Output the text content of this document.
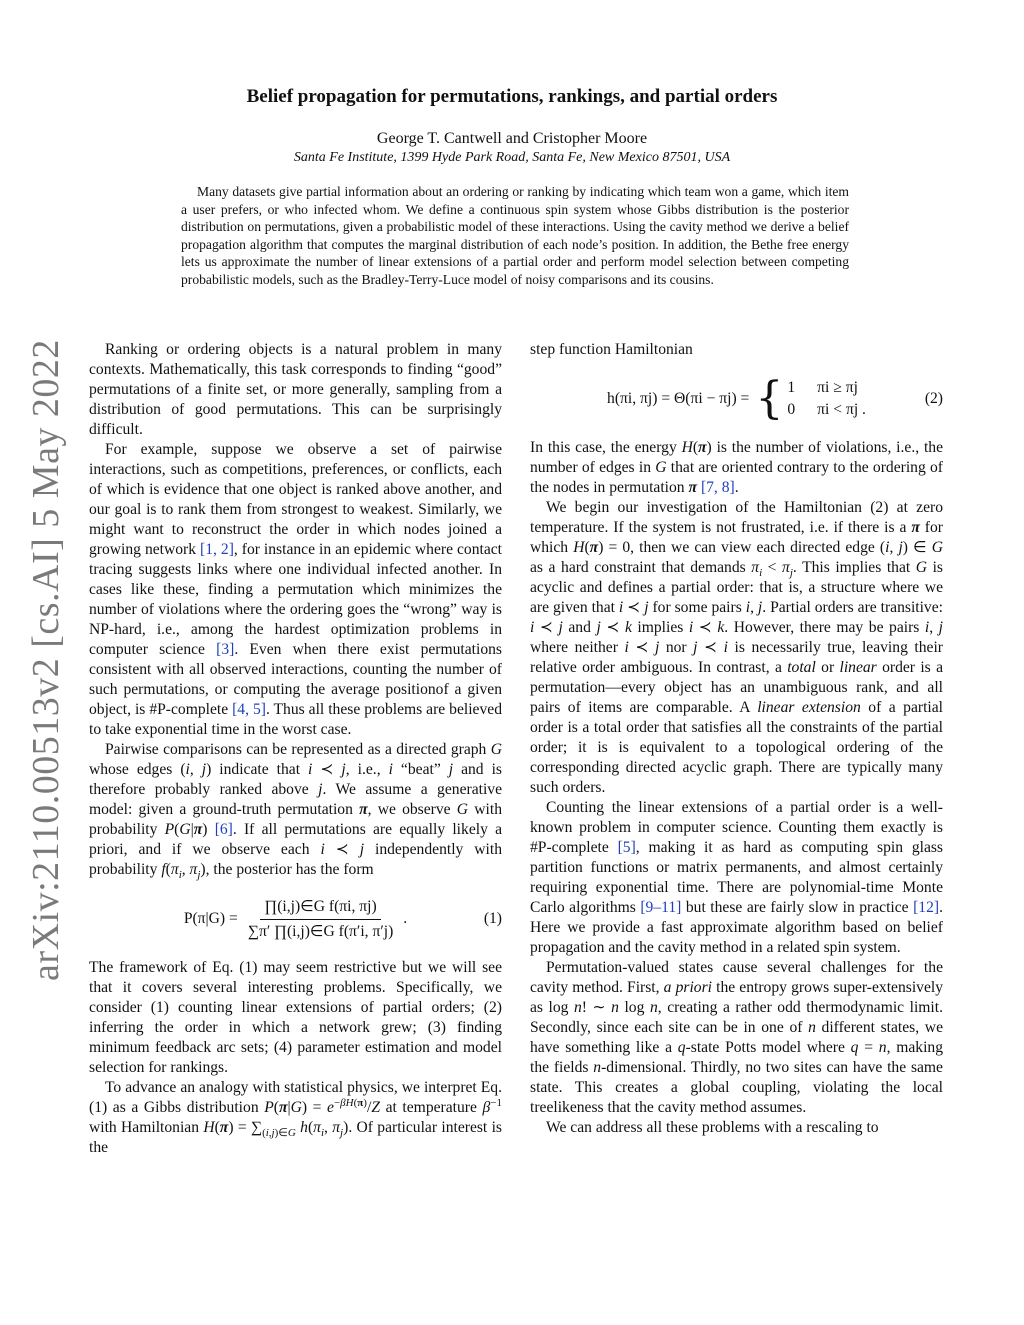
arXiv:2110.00513v2 [cs.AI] 5 May 2022
Belief propagation for permutations, rankings, and partial orders
George T. Cantwell and Cristopher Moore
Santa Fe Institute, 1399 Hyde Park Road, Santa Fe, New Mexico 87501, USA
Many datasets give partial information about an ordering or ranking by indicating which team won a game, which item a user prefers, or who infected whom. We define a continuous spin system whose Gibbs distribution is the posterior distribution on permutations, given a probabilistic model of these interactions. Using the cavity method we derive a belief propagation algorithm that computes the marginal distribution of each node’s position. In addition, the Bethe free energy lets us approximate the number of linear extensions of a partial order and perform model selection between competing probabilistic models, such as the Bradley-Terry-Luce model of noisy comparisons and its cousins.

Ranking or ordering objects is a natural problem in many contexts. Mathematically, this task corresponds to finding “good” permutations of a finite set, or more generally, sampling from a distribution of good permutations. This can be surprisingly difficult.

For example, suppose we observe a set of pairwise interactions, such as competitions, preferences, or conflicts, each of which is evidence that one object is ranked above another, and our goal is to rank them from strongest to weakest. Similarly, we might want to reconstruct the order in which nodes joined a growing network [1, 2], for instance in an epidemic where contact tracing suggests links where one individual infected another. In cases like these, finding a permutation which minimizes the number of violations where the ordering goes the “wrong” way is NP-hard, i.e., among the hardest optimization problems in computer science [3]. Even when there exist permutations consistent with all observed interactions, counting the number of such permutations, or computing the average positionof a given object, is #P-complete [4, 5]. Thus all these problems are believed to take exponential time in the worst case.

Pairwise comparisons can be represented as a directed graph G whose edges (i, j) indicate that i ≺ j, i.e., i “beat” j and is therefore probably ranked above j. We assume a generative model: given a ground-truth permutation π, we observe G with probability P(G|π) [6]. If all permutations are equally likely a priori, and if we observe each i ≺ j independently with probability $f(\pi_i$, $\pi_j$), the posterior has the form

$P(\pi|G) = \frac{\text{∏(i,j)∈G f(πi, πj)}}{\text{∑π′ ∏(i,j)∈G f(π′i, π′j)}}$ .	(1)

The framework of Eq. (1) may seem restrictive but we will see that it covers several interesting problems. Specifically, we consider (1) counting linear extensions of partial orders; (2) inferring the order in which a network grew; (3) finding minimum feedback arc sets; (4) parameter estimation and model selection for rankings.

To advance an analogy with statistical physics, we interpret Eq. (1) as a Gibbs distribution $P(\pi|G) = e^{-\beta H(\pi)}/Z$ at temperature $\beta^{-1}$ with Hamiltonian $H(\pi) = \sum_{(i,j)\in G}$ $h(\pi_i$, $\pi_j$). Of particular interest is the

step function Hamiltonian

h(πi, πj) = Θ(πi − πj) = { 1 πi ≥ πj
0 πi < πj .
(2)

In this case, the energy H(π) is the number of violations, i.e., the number of edges in G that are oriented contrary to the ordering of the nodes in permutation π [7, 8].

We begin our investigation of the Hamiltonian (2) at zero temperature. If the system is not frustrated, i.e. if there is a π for which H(π) = 0, then we can view each directed edge (i, j) ∈ G as a hard constraint that demands $\pi_i < \pi_j$. This implies that G is acyclic and defines a partial order: that is, a structure where we are given that i ≺ j for some pairs i, j. Partial orders are transitive: i ≺ j and j ≺ k implies i ≺ k. However, there may be pairs i, j where neither i ≺ j nor j ≺ i is necessarily true, leaving their relative order ambiguous. In contrast, a total or linear order is a permutation—every object has an unambiguous rank, and all pairs of items are comparable. A linear extension of a partial order is a total order that satisfies all the constraints of the partial order; it is is equivalent to a topological ordering of the corresponding directed acyclic graph. There are typically many such orders.

Counting the linear extensions of a partial order is a well-known problem in computer science. Counting them exactly is #P-complete [5], making it as hard as computing spin glass partition functions or matrix permanents, and almost certainly requiring exponential time. There are polynomial-time Monte Carlo algorithms [9–11] but these are fairly slow in practice [12]. Here we provide a fast approximate algorithm based on belief propagation and the cavity method in a related spin system.

Permutation-valued states cause several challenges for the cavity method. First, a priori the entropy grows super-extensively as log n! ∼ n log n, creating a rather odd thermodynamic limit. Secondly, since each site can be in one of n different states, we have something like a q-state Potts model where q = n, making the fields n-dimensional. Thirdly, no two sites can have the same state. This creates a global coupling, violating the local treelikeness that the cavity method assumes.

We can address all these problems with a rescaling to
